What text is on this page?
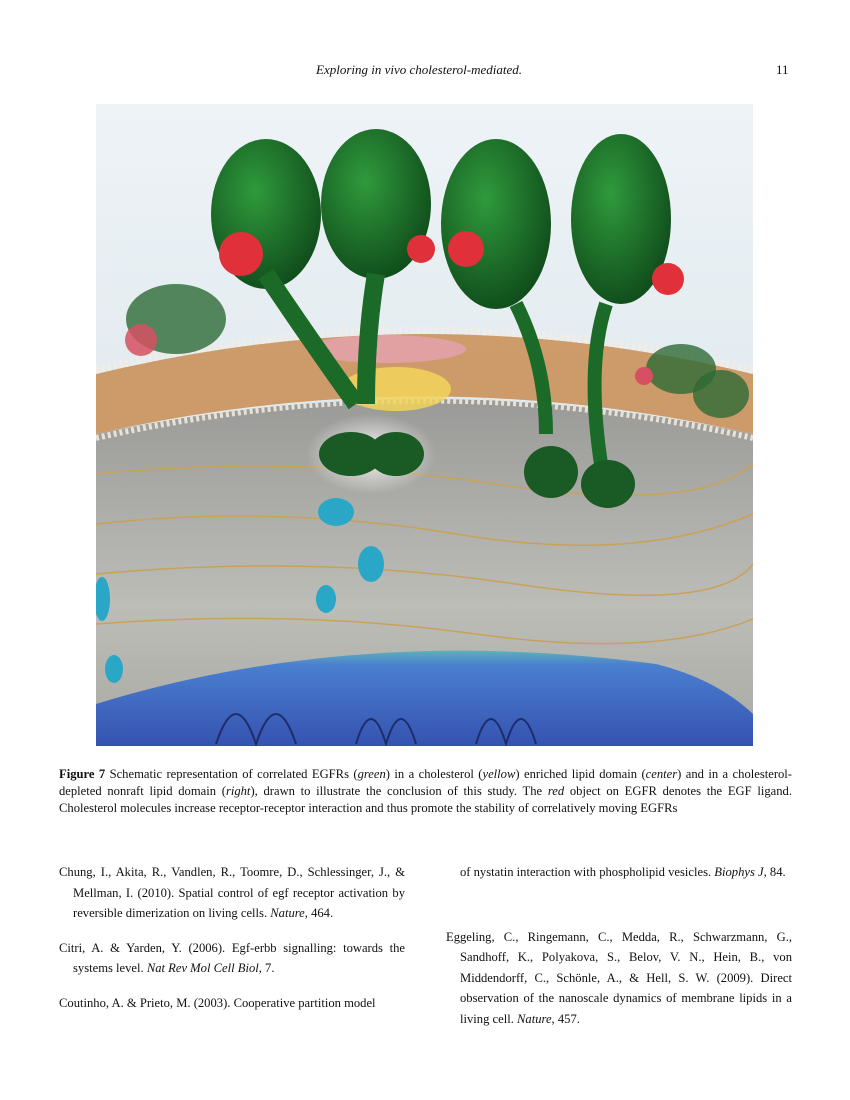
Exploring in vivo cholesterol-mediated.	11
Figure 7 Schematic representation of correlated EGFRs (green) in a cholesterol (yellow) enriched lipid domain (center) and in a cholesterol-depleted nonraft lipid domain (right), drawn to illustrate the conclusion of this study. The red object on EGFR denotes the EGF ligand. Cholesterol molecules increase receptor-receptor interaction and thus promote the stability of correlatively moving EGFRs

Chung, I., Akita, R., Vandlen, R., Toomre, D., Schlessinger, J., & Mellman, I. (2010). Spatial control of egf receptor activation by reversible dimerization on living cells. Nature, 464.

Citri, A. & Yarden, Y. (2006). Egf-erbb signalling: towards the systems level. Nat Rev Mol Cell Biol, 7.

Coutinho, A. & Prieto, M. (2003). Cooperative partition model

of nystatin interaction with phospholipid vesicles. Biophys J, 84.

Eggeling, C., Ringemann, C., Medda, R., Schwarzmann, G., Sandhoff, K., Polyakova, S., Belov, V. N., Hein, B., von Middendorff, C., Schönle, A., & Hell, S. W. (2009). Direct observation of the nanoscale dynamics of membrane lipids in a living cell. Nature, 457.
